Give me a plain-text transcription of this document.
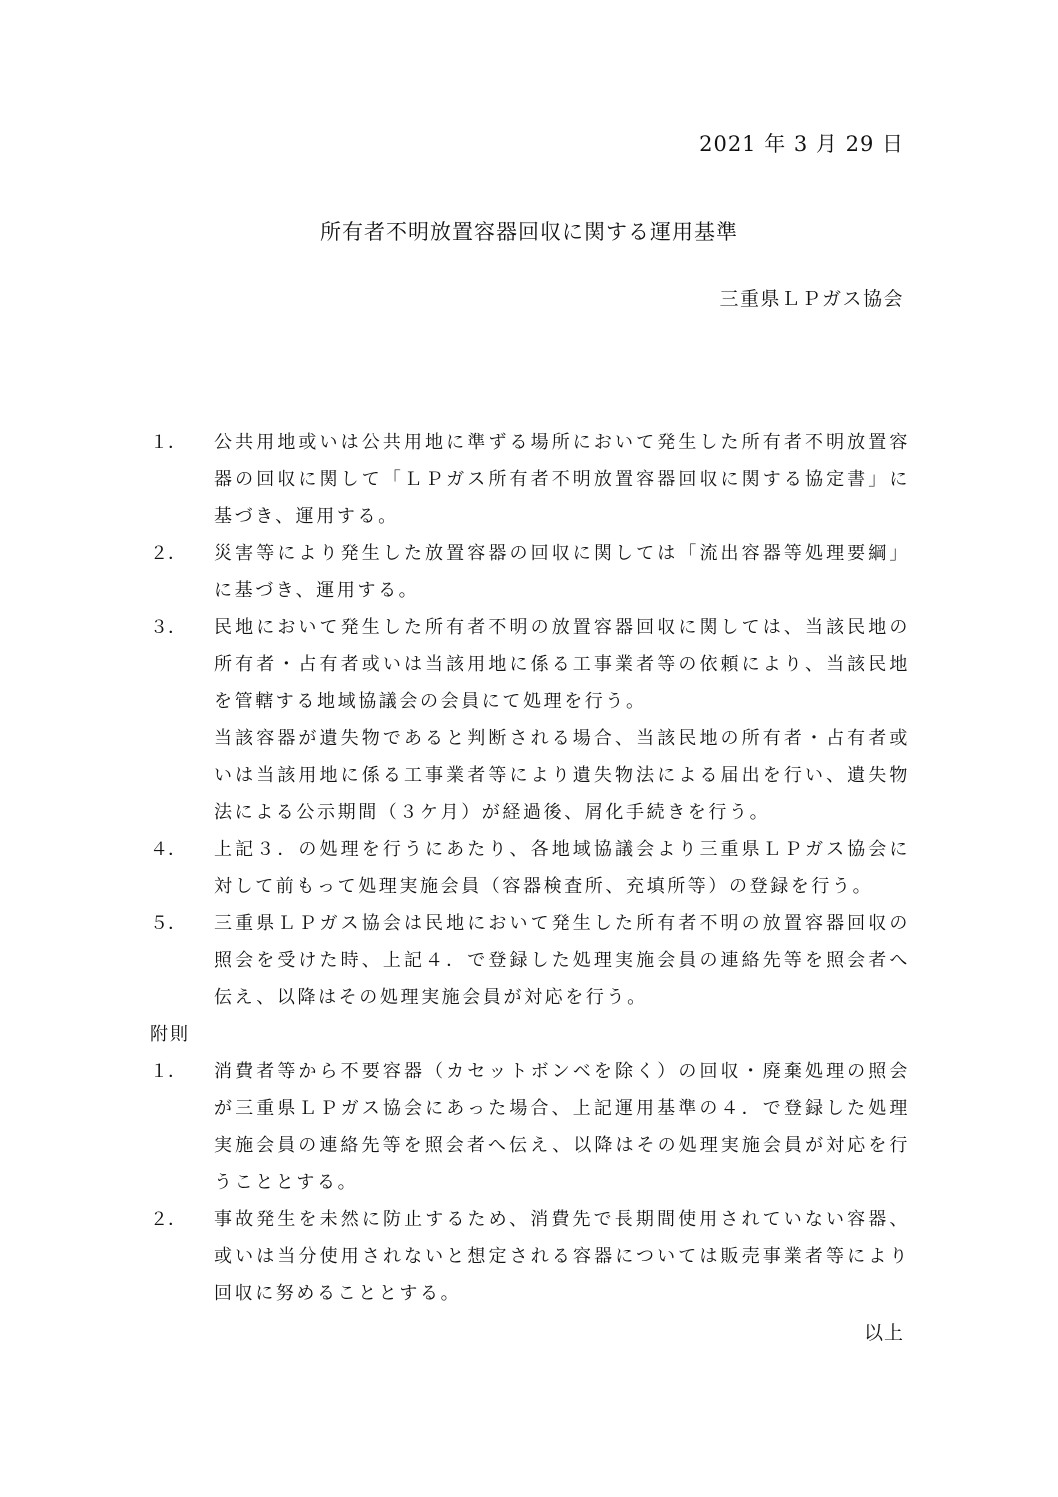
2021 年 3 月 29 日
所有者不明放置容器回収に関する運用基準
三重県ＬＰガス協会
１．	公共用地或いは公共用地に準ずる場所において発生した所有者不明放置容器の回収に関して「ＬＰガス所有者不明放置容器回収に関する協定書」に基づき、運用する。
２．	災害等により発生した放置容器の回収に関しては「流出容器等処理要綱」に基づき、運用する。
３．	民地において発生した所有者不明の放置容器回収に関しては、当該民地の所有者・占有者或いは当該用地に係る工事業者等の依頼により、当該民地を管轄する地域協議会の会員にて処理を行う。
当該容器が遺失物であると判断される場合、当該民地の所有者・占有者或いは当該用地に係る工事業者等により遺失物法による届出を行い、遺失物法による公示期間（３ケ月）が経過後、屑化手続きを行う。
４．	上記３．の処理を行うにあたり、各地域協議会より三重県ＬＰガス協会に対して前もって処理実施会員（容器検査所、充填所等）の登録を行う。
５．	三重県ＬＰガス協会は民地において発生した所有者不明の放置容器回収の照会を受けた時、上記４．で登録した処理実施会員の連絡先等を照会者へ伝え、以降はその処理実施会員が対応を行う。
附則
１．	消費者等から不要容器（カセットボンベを除く）の回収・廃棄処理の照会が三重県ＬＰガス協会にあった場合、上記運用基準の４．で登録した処理実施会員の連絡先等を照会者へ伝え、以降はその処理実施会員が対応を行うこととする。
２．	事故発生を未然に防止するため、消費先で長期間使用されていない容器、或いは当分使用されないと想定される容器については販売事業者等により回収に努めることとする。
以上
